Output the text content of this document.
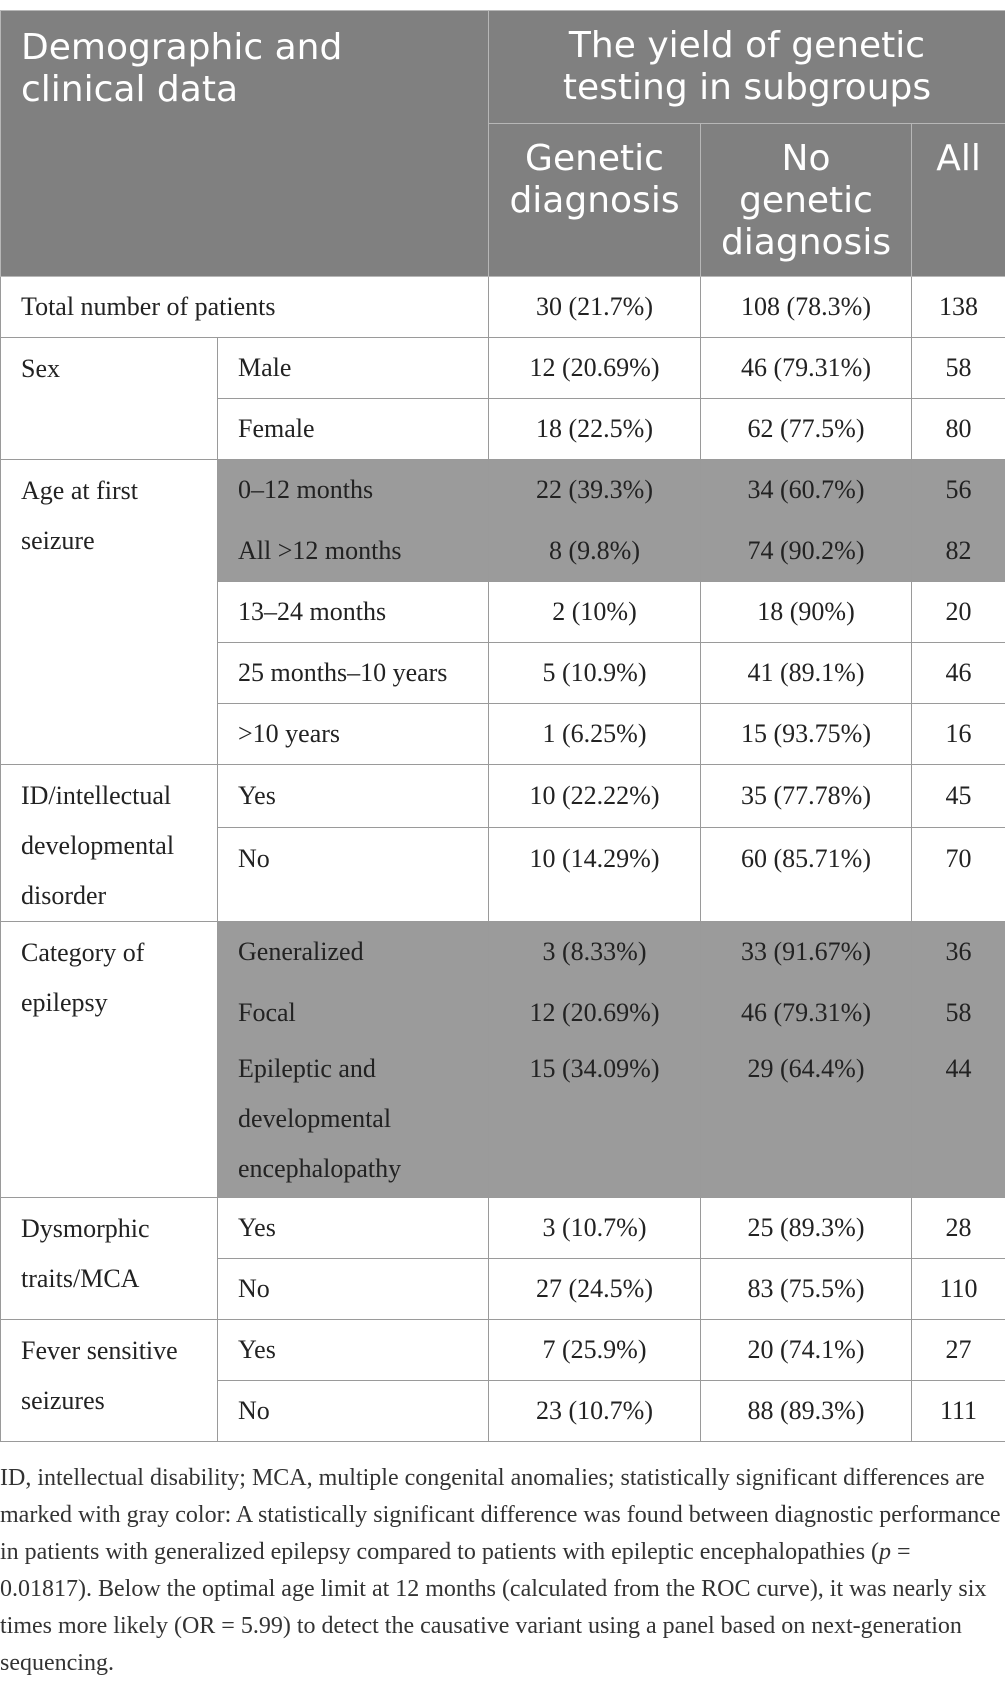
Demographic and clinical data		The yield of genetic testing in subgroups		
		Genetic diagnosis	No genetic diagnosis	All
Total number of patients		30 (21.7%)	108 (78.3%)	138
Sex	Male	12 (20.69%)	46 (79.31%)	58
	Female	18 (22.5%)	62 (77.5%)	80
Age at first seizure	0–12 months	22 (39.3%)	34 (60.7%)	56
	All >12 months	8 (9.8%)	74 (90.2%)	82
	13–24 months	2 (10%)	18 (90%)	20
	25 months–10 years	5 (10.9%)	41 (89.1%)	46
	>10 years	1 (6.25%)	15 (93.75%)	16
ID/intellectual developmental disorder	Yes	10 (22.22%)	35 (77.78%)	45
	No	10 (14.29%)	60 (85.71%)	70
Category of epilepsy	Generalized	3 (8.33%)	33 (91.67%)	36
	Focal	12 (20.69%)	46 (79.31%)	58
	Epileptic and developmental encephalopathy	15 (34.09%)	29 (64.4%)	44
Dysmorphic traits/MCA	Yes	3 (10.7%)	25 (89.3%)	28
	No	27 (24.5%)	83 (75.5%)	110
Fever sensitive seizures	Yes	7 (25.9%)	20 (74.1%)	27
	No	23 (10.7%)	88 (89.3%)	111

ID, intellectual disability; MCA, multiple congenital anomalies; statistically significant differences are marked with gray color: A statistically significant difference was found between diagnostic performance in patients with generalized epilepsy compared to patients with epileptic encephalopathies (p = 0.01817). Below the optimal age limit at 12 months (calculated from the ROC curve), it was nearly six times more likely (OR = 5.99) to detect the causative variant using a panel based on next-generation sequencing.
